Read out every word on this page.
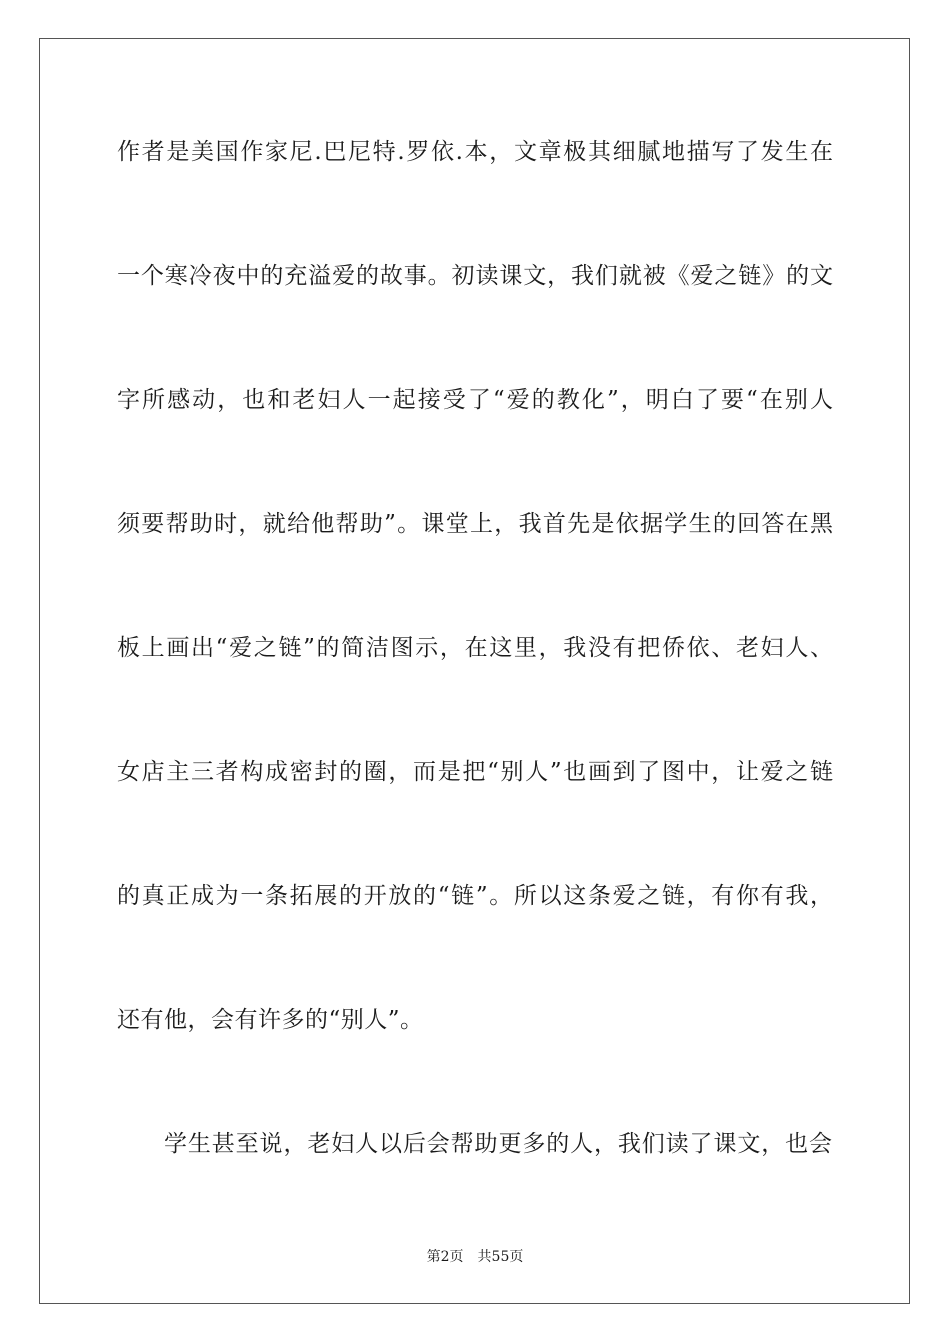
作者是美国作家尼.巴尼特.罗依.本，文章极其细腻地描写了发生在
一个寒冷夜中的充溢爱的故事。初读课文，我们就被《爱之链》的文
字所感动，也和老妇人一起接受了“爱的教化”，明白了要“在别人
须要帮助时，就给他帮助”。课堂上，我首先是依据学生的回答在黑
板上画出“爱之链”的简洁图示，在这里，我没有把侨依、老妇人、
女店主三者构成密封的圈，而是把“别人”也画到了图中，让爱之链
的真正成为一条拓展的开放的“链”。所以这条爱之链，有你有我，
还有他，会有许多的“别人”。
学生甚至说，老妇人以后会帮助更多的人，我们读了课文，也会
第2页 共55页
